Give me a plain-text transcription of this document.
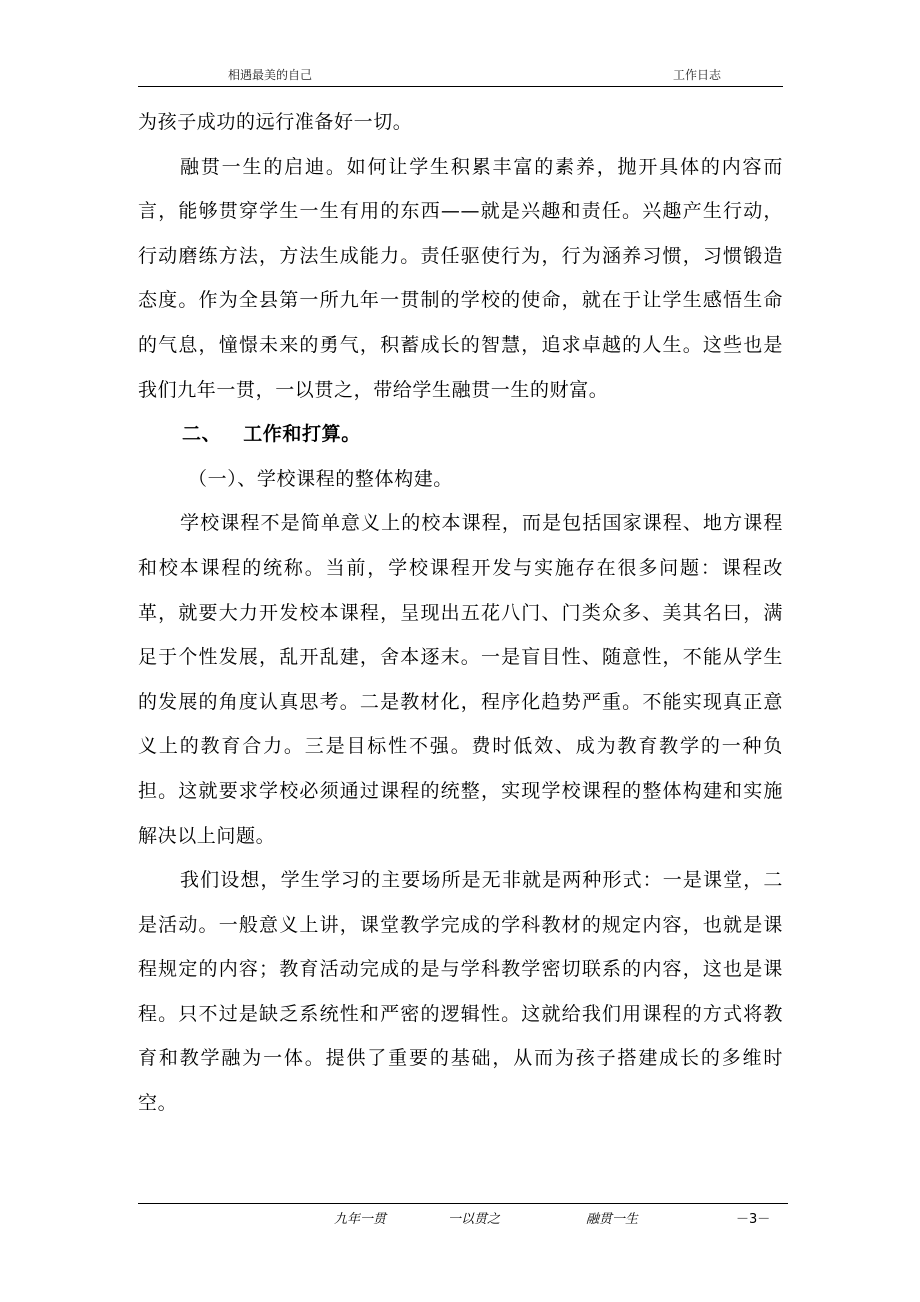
相遇最美的自己	工作日志

为孩子成功的远行准备好一切。

融贯一生的启迪。如何让学生积累丰富的素养，抛开具体的内容而言，能够贯穿学生一生有用的东西——就是兴趣和责任。兴趣产生行动，行动磨练方法，方法生成能力。责任驱使行为，行为涵养习惯，习惯锻造态度。作为全县第一所九年一贯制的学校的使命，就在于让学生感悟生命的气息，憧憬未来的勇气，积蓄成长的智慧，追求卓越的人生。这些也是我们九年一贯，一以贯之，带给学生融贯一生的财富。

二、 工作和打算。

（一）、学校课程的整体构建。

学校课程不是简单意义上的校本课程，而是包括国家课程、地方课程和校本课程的统称。当前，学校课程开发与实施存在很多问题：课程改革，就要大力开发校本课程，呈现出五花八门、门类众多、美其名曰，满足于个性发展，乱开乱建，舍本逐末。一是盲目性、随意性，不能从学生的发展的角度认真思考。二是教材化，程序化趋势严重。不能实现真正意义上的教育合力。三是目标性不强。费时低效、成为教育教学的一种负担。这就要求学校必须通过课程的统整，实现学校课程的整体构建和实施解决以上问题。

我们设想，学生学习的主要场所是无非就是两种形式：一是课堂，二是活动。一般意义上讲，课堂教学完成的学科教材的规定内容，也就是课程规定的内容；教育活动完成的是与学科教学密切联系的内容，这也是课程。只不过是缺乏系统性和严密的逻辑性。这就给我们用课程的方式将教育和教学融为一体。提供了重要的基础，从而为孩子搭建成长的多维时空。

九年一贯	一以贯之	融贯一生	－3－
